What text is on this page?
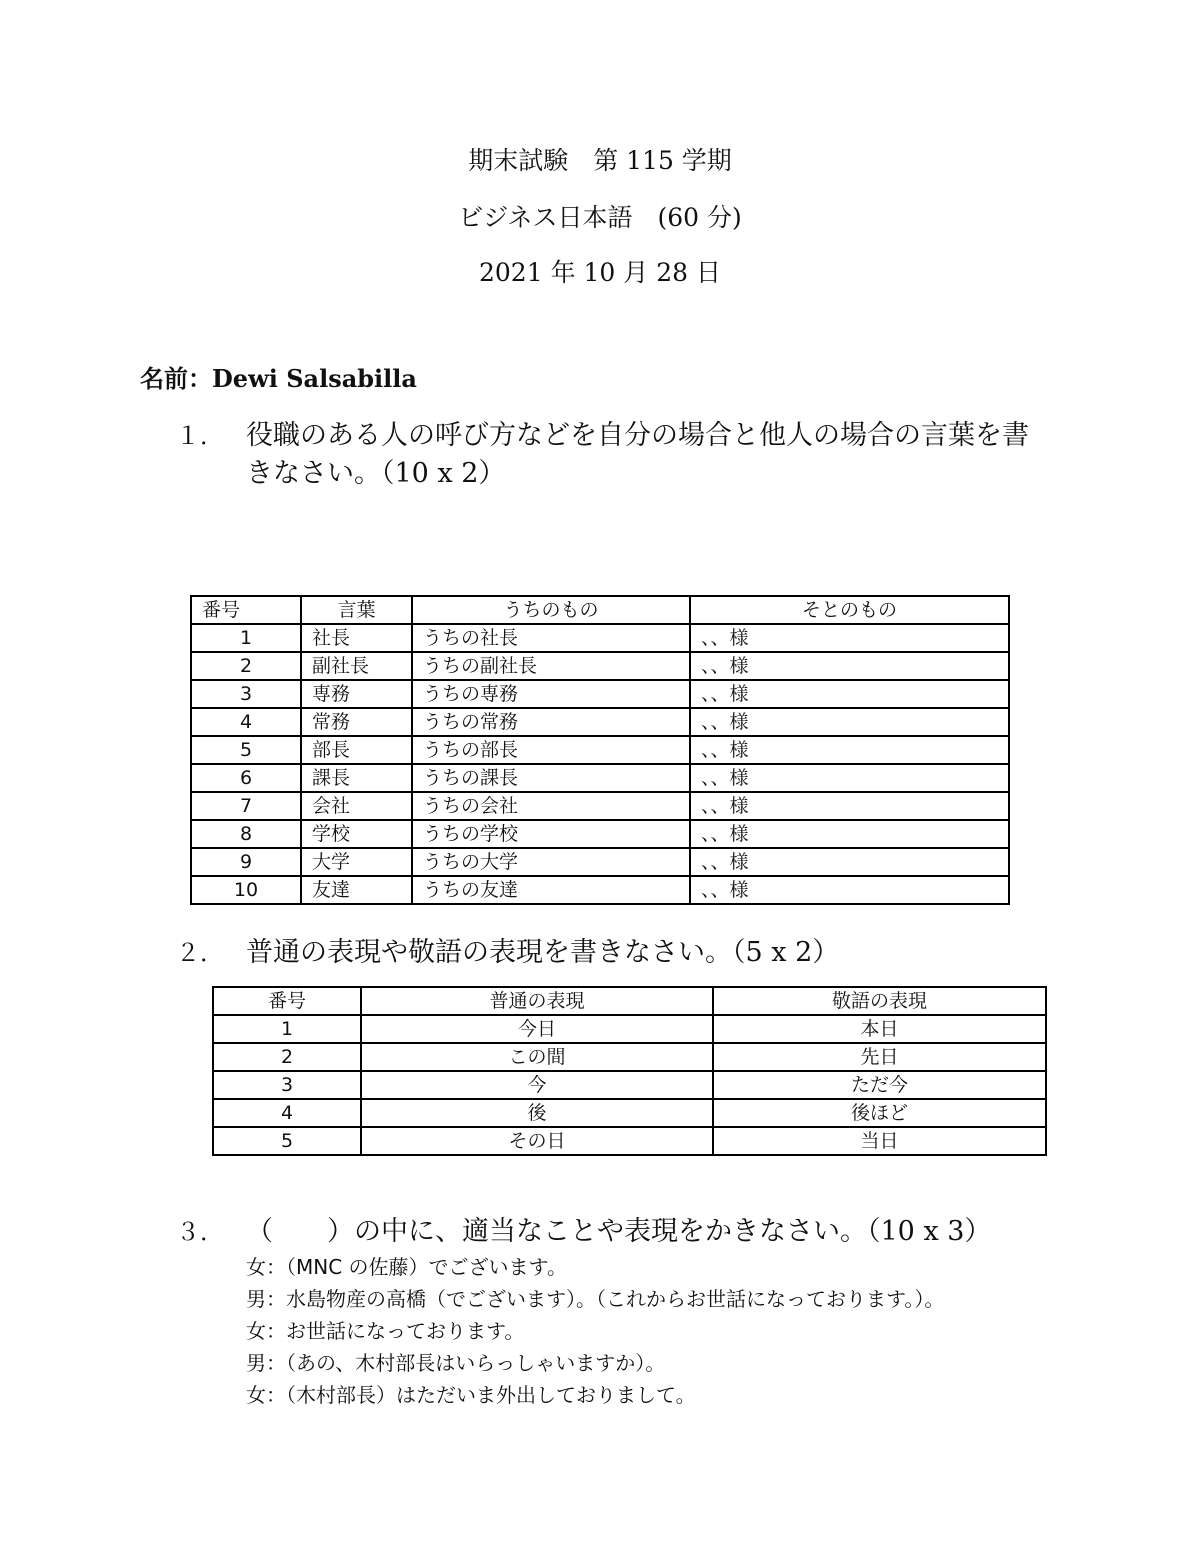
期末試験　第 115 学期
ビジネス日本語　(60 分)
2021 年 10 月 28 日
名前：Dewi Salsabilla
１． 役職のある人の呼び方などを自分の場合と他人の場合の言葉を書
きなさい。（10 x 2）
番号	言葉	うちのもの	そとのもの
1	社長	うちの社長	、、様
2	副社長	うちの副社長	、、様
3	専務	うちの専務	、、様
4	常務	うちの常務	、、様
5	部長	うちの部長	、、様
6	課長	うちの課長	、、様
7	会社	うちの会社	、、様
8	学校	うちの学校	、、様
9	大学	うちの大学	、、様
10	友達	うちの友達	、、様
２． 普通の表現や敬語の表現を書きなさい。（5 x 2）
番号	普通の表現	敬語の表現
1	今日	本日
2	この間	先日
3	今	ただ今
4	後	後ほど
5	その日	当日
３． （　　）の中に、適当なことや表現をかきなさい。（10 x 3）
女：（MNC の佐藤）でございます。
男：水島物産の高橋（でございます）。（これからお世話になっております。）。
女：お世話になっております。
男：（あの、木村部長はいらっしゃいますか）。
女：（木村部長）はただいま外出しておりまして。
